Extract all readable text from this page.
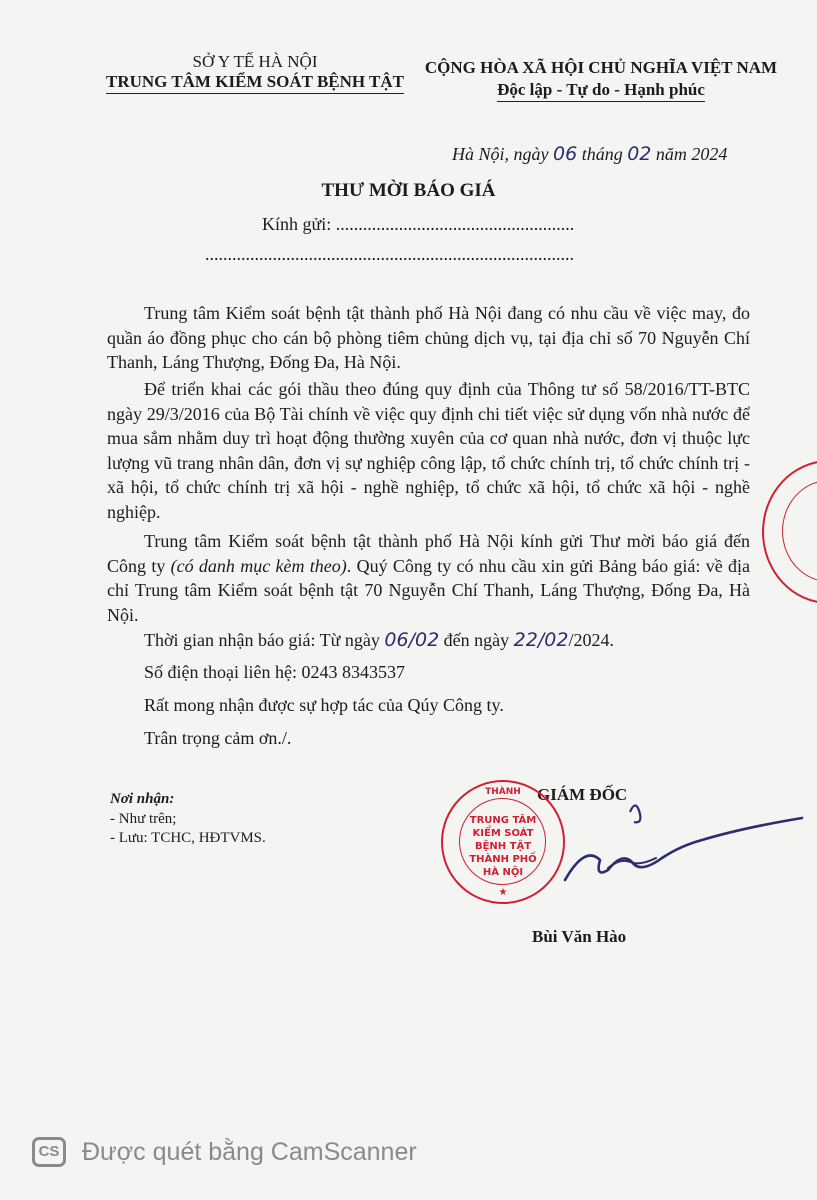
SỞ Y TẾ HÀ NỘI
TRUNG TÂM KIỂM SOÁT BỆNH TẬT
CỘNG HÒA XÃ HỘI CHỦ NGHĨA VIỆT NAM
Độc lập - Tự do - Hạnh phúc
Hà Nội, ngày 06 tháng 02 năm 2024
THƯ MỜI BÁO GIÁ
Kính gửi: .....................................................
..................................................................................
Trung tâm Kiểm soát bệnh tật thành phố Hà Nội đang có nhu cầu về việc may, đo quần áo đồng phục cho cán bộ phòng tiêm chủng dịch vụ, tại địa chỉ số 70 Nguyễn Chí Thanh, Láng Thượng, Đống Đa, Hà Nội.
Để triển khai các gói thầu theo đúng quy định của Thông tư số 58/2016/TT-BTC ngày 29/3/2016 của Bộ Tài chính về việc quy định chi tiết việc sử dụng vốn nhà nước để mua sắm nhằm duy trì hoạt động thường xuyên của cơ quan nhà nước, đơn vị thuộc lực lượng vũ trang nhân dân, đơn vị sự nghiệp công lập, tổ chức chính trị, tổ chức chính trị - xã hội, tổ chức chính trị xã hội - nghề nghiệp, tổ chức xã hội, tổ chức xã hội - nghề nghiệp.
Trung tâm Kiểm soát bệnh tật thành phố Hà Nội kính gửi Thư mời báo giá đến Công ty (có danh mục kèm theo). Quý Công ty có nhu cầu xin gửi Bảng báo giá: về địa chỉ Trung tâm Kiểm soát bệnh tật 70 Nguyễn Chí Thanh, Láng Thượng, Đống Đa, Hà Nội.
Thời gian nhận báo giá: Từ ngày 06/02 đến ngày 22/02/2024.
Số điện thoại liên hệ: 0243 8343537
Rất mong nhận được sự hợp tác của Qúy Công ty.
Trân trọng cảm ơn./.
Nơi nhận:
- Như trên;
- Lưu: TCHC, HĐTVMS.
GIÁM ĐỐC
THÀNH
TRUNG TÂM
KIỂM SOÁT
BỆNH TẬT
THÀNH PHỐ
HÀ NỘI
★
Bùi Văn Hào
CS Được quét bằng CamScanner
